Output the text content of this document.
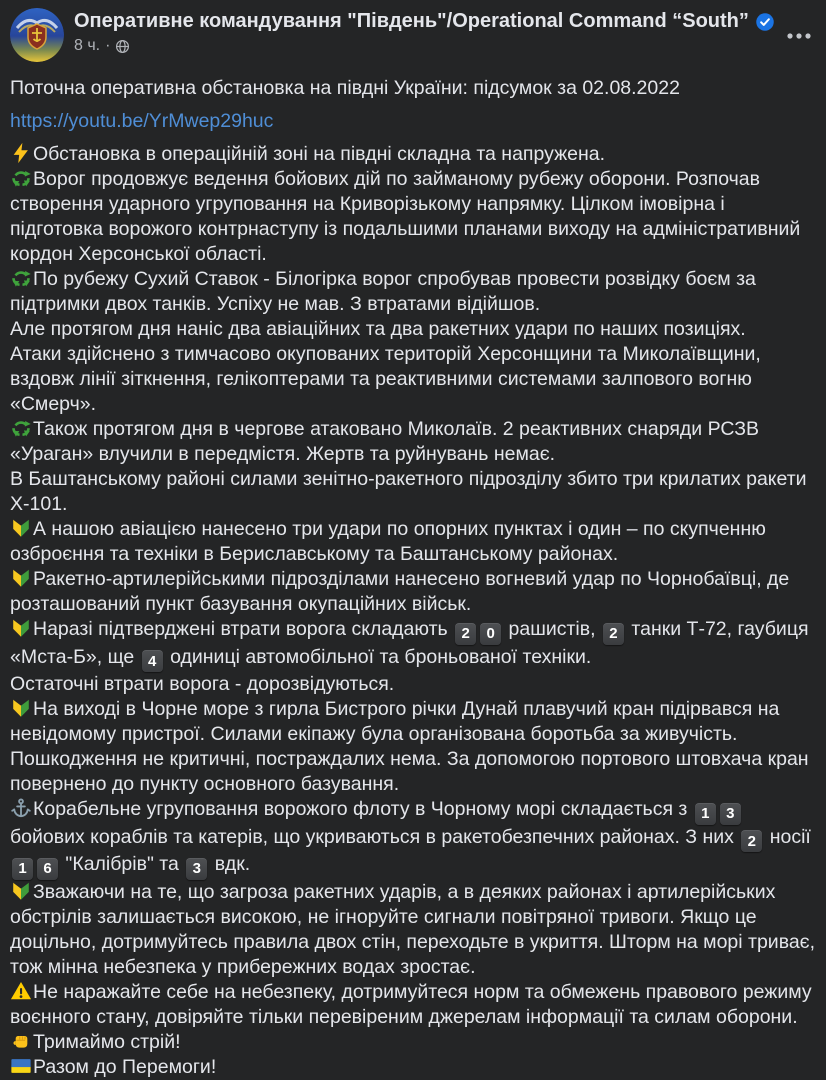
Оперативне командування "Південь"/Operational Command “South”
8 ч. ·
Поточна оперативна обстановка на півдні України: підсумок за 02.08.2022
https://youtu.be/YrMwep29huc
Обстановка в операційній зоні на півдні складна та напружена.
Ворог продовжує ведення бойових дій по займаному рубежу оборони. Розпочав створення ударного угруповання на Криворізькому напрямку. Цілком імовірна і підготовка ворожого контрнаступу із подальшими планами виходу на адміністративний кордон Херсонської області.
По рубежу Сухий Ставок - Білогірка ворог спробував провести розвідку боєм за підтримки двох танків. Успіху не мав. З втратами відійшов.
Але протягом дня наніс два авіаційних та два ракетних удари по наших позиціях.
Атаки здійснено з тимчасово окупованих територій Херсонщини та Миколаївщини, вздовж лінії зіткнення, гелікоптерами та реактивними системами залпового вогню «Смерч».
Також протягом дня в чергове атаковано Миколаїв. 2 реактивних снаряди РСЗВ «Ураган» влучили в передмістя. Жертв та руйнувань немає.
В Баштанському районі силами зенітно-ракетного підрозділу збито три крилатих ракети Х-101.
А нашою авіацією нанесено три удари по опорних пунктах і один – по скупченню озброєння та техніки в Бериславському та Баштанському районах.
Ракетно-артилерійськими підрозділами нанесено вогневий удар по Чорнобаївці, де розташований пункт базування окупаційних військ.
Наразі підтверджені втрати ворога складають 2 0 рашистів, 2 танки Т-72, гаубиця «Мста-Б», ще 4 одиниці автомобільної та броньованої техніки.
Остаточні втрати ворога - дорозвідуються.
На виході в Чорне море з гирла Бистрого річки Дунай плавучий кран підірвався на невідомому пристрої. Силами екіпажу була організована боротьба за живучість.
Пошкодження не критичні, постраждалих нема. За допомогою портового штовхача кран повернено до пункту основного базування.
Корабельне угруповання ворожого флоту в Чорному морі складається з 1 3 бойових кораблів та катерів, що укриваються в ракетобезпечних районах. З них 2 носії 1 6 "Калібрів" та 3 вдк.
Зважаючи на те, що загроза ракетних ударів, а в деяких районах і артилерійських обстрілів залишається високою, не ігноруйте сигнали повітряної тривоги. Якщо це доцільно, дотримуйтесь правила двох стін, переходьте в укриття. Шторм на морі триває, тож мінна небезпека у прибережних водах зростає.
Не наражайте себе на небезпеку, дотримуйтеся норм та обмежень правового режиму воєнного стану, довіряйте тільки перевіреним джерелам інформації та силам оборони.
Тримаймо стрій!
Разом до Перемоги!
